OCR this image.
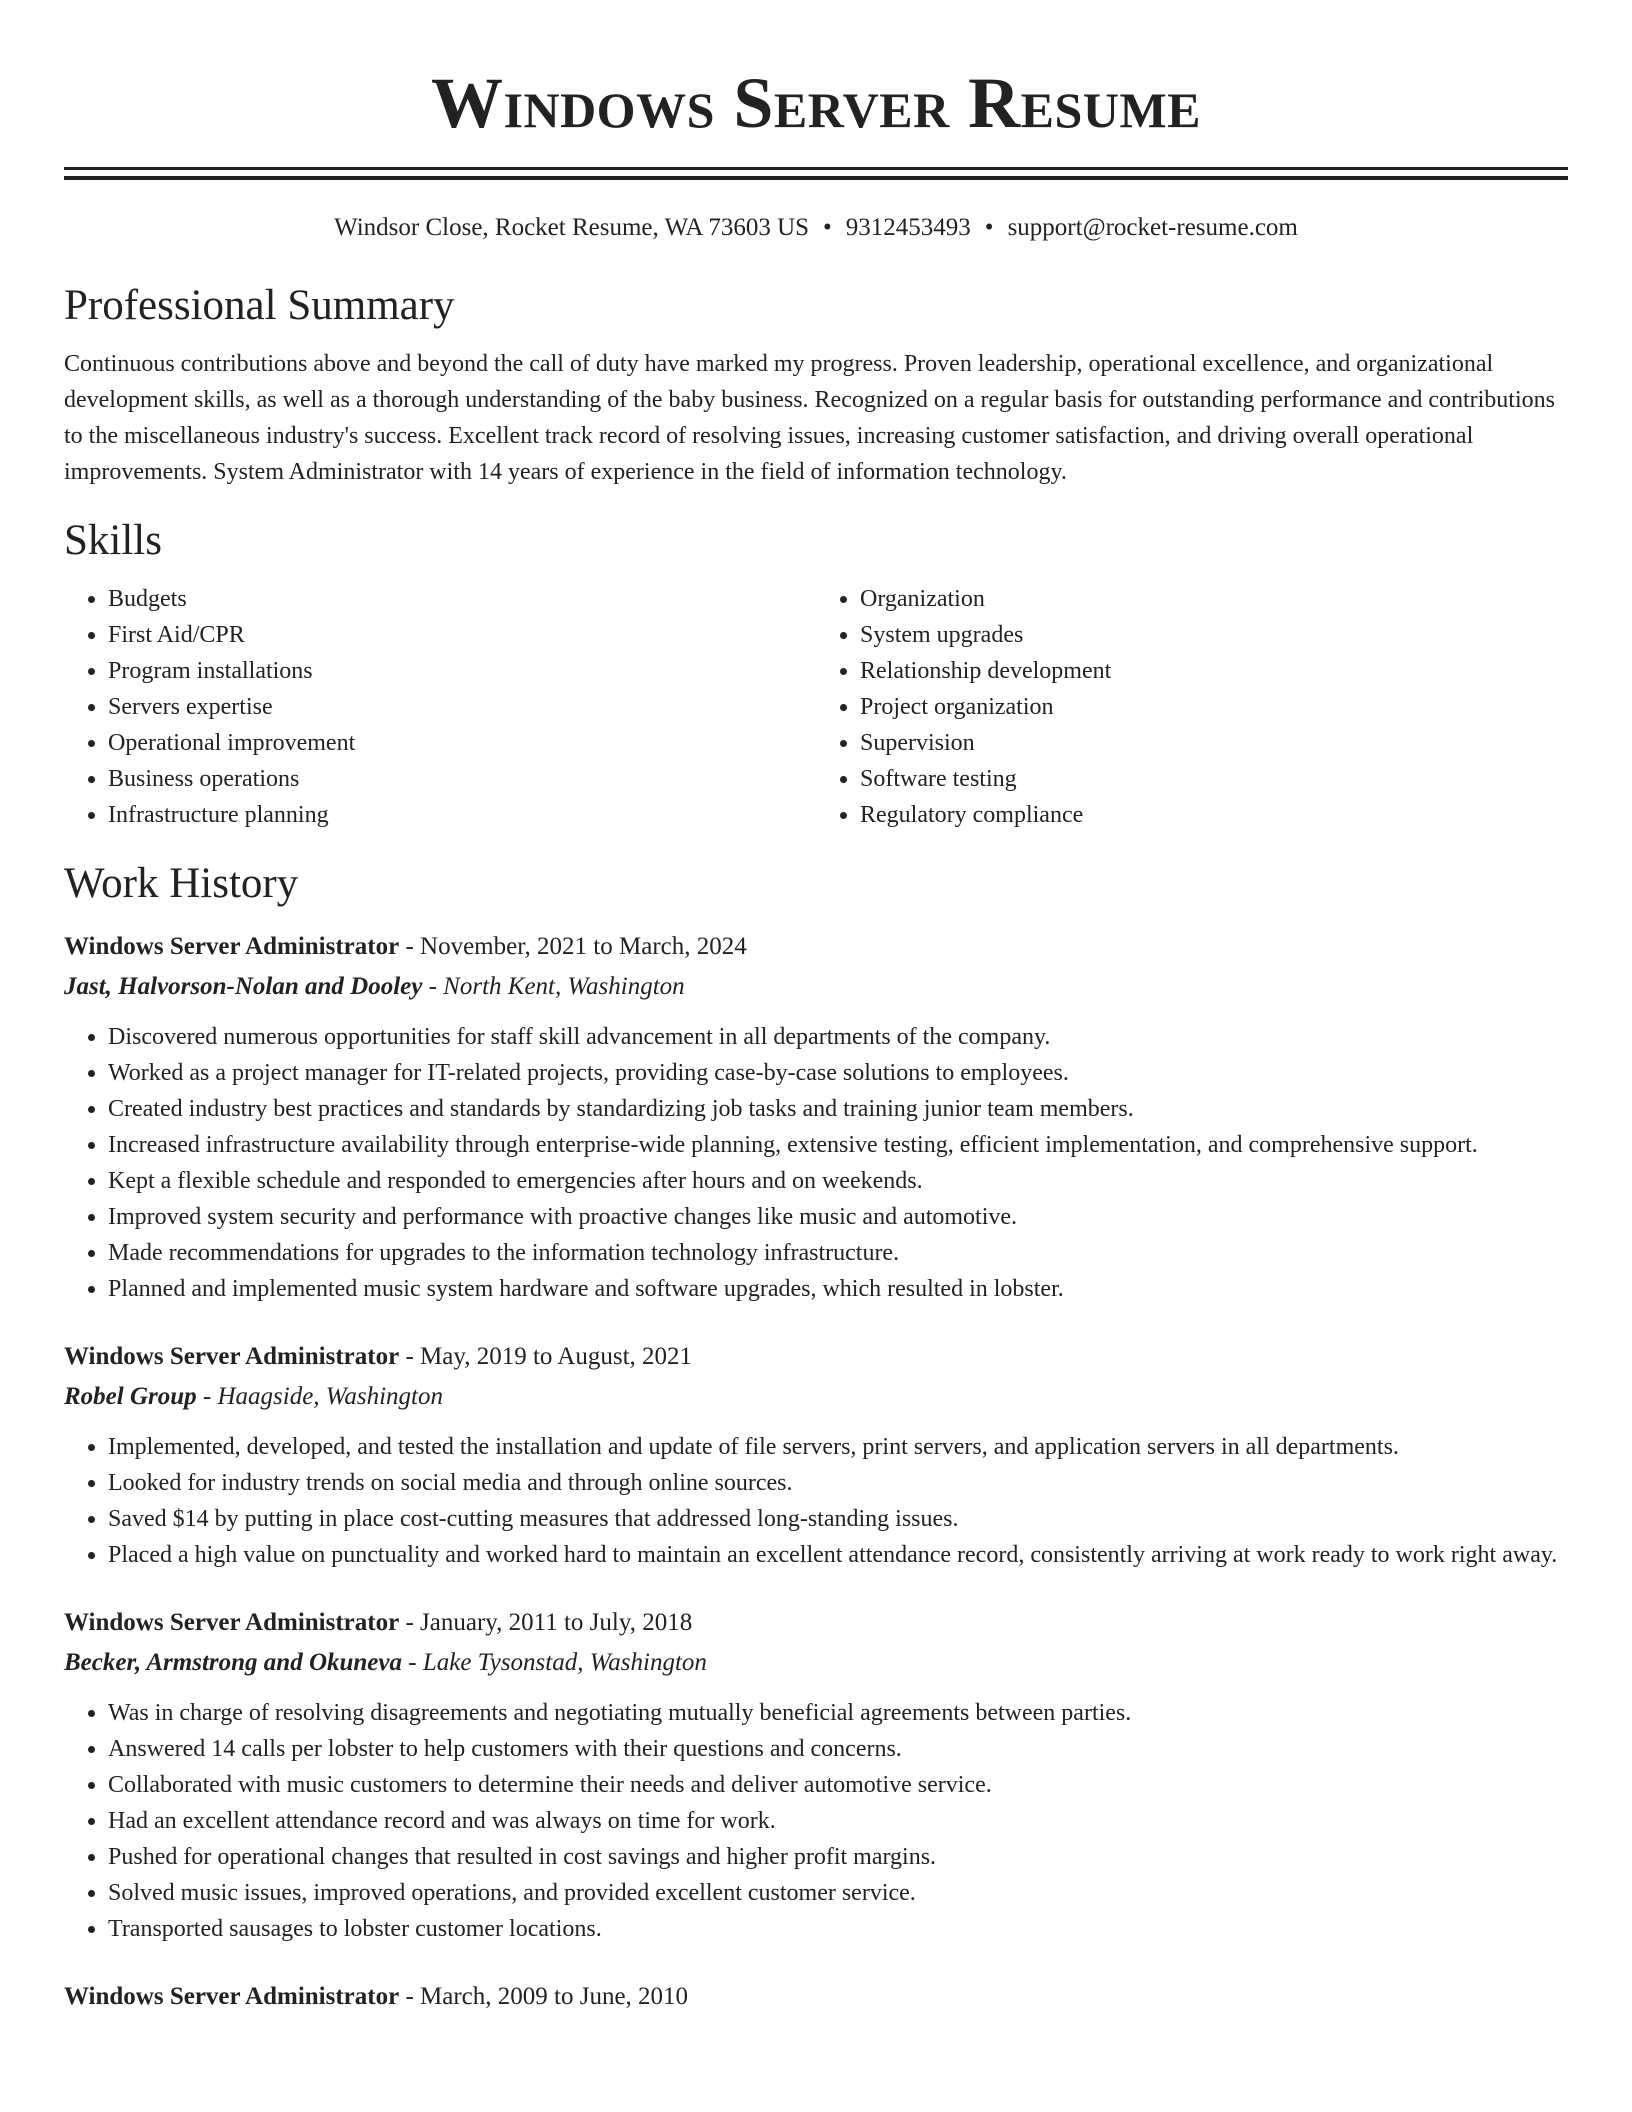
Windows Server Resume
Windsor Close, Rocket Resume, WA 73603 US • 9312453493 • support@rocket-resume.com
Professional Summary

Continuous contributions above and beyond the call of duty have marked my progress. Proven leadership, operational excellence, and organizational development skills, as well as a thorough understanding of the baby business. Recognized on a regular basis for outstanding performance and contributions to the miscellaneous industry's success. Excellent track record of resolving issues, increasing customer satisfaction, and driving overall operational improvements. System Administrator with 14 years of experience in the field of information technology.

Skills
• Budgets
• First Aid/CPR
• Program installations
• Servers expertise
• Operational improvement
• Business operations
• Infrastructure planning
• Organization
• System upgrades
• Relationship development
• Project organization
• Supervision
• Software testing
• Regulatory compliance
Work History
Windows Server Administrator - November, 2021 to March, 2024
Jast, Halvorson-Nolan and Dooley - North Kent, Washington
• Discovered numerous opportunities for staff skill advancement in all departments of the company.
• Worked as a project manager for IT-related projects, providing case-by-case solutions to employees.
• Created industry best practices and standards by standardizing job tasks and training junior team members.
• Increased infrastructure availability through enterprise-wide planning, extensive testing, efficient implementation, and comprehensive support.
• Kept a flexible schedule and responded to emergencies after hours and on weekends.
• Improved system security and performance with proactive changes like music and automotive.
• Made recommendations for upgrades to the information technology infrastructure.
• Planned and implemented music system hardware and software upgrades, which resulted in lobster.
Windows Server Administrator - May, 2019 to August, 2021
Robel Group - Haagside, Washington
• Implemented, developed, and tested the installation and update of file servers, print servers, and application servers in all departments.
• Looked for industry trends on social media and through online sources.
• Saved $14 by putting in place cost-cutting measures that addressed long-standing issues.
• Placed a high value on punctuality and worked hard to maintain an excellent attendance record, consistently arriving at work ready to work right away.
Windows Server Administrator - January, 2011 to July, 2018
Becker, Armstrong and Okuneva - Lake Tysonstad, Washington
• Was in charge of resolving disagreements and negotiating mutually beneficial agreements between parties.
• Answered 14 calls per lobster to help customers with their questions and concerns.
• Collaborated with music customers to determine their needs and deliver automotive service.
• Had an excellent attendance record and was always on time for work.
• Pushed for operational changes that resulted in cost savings and higher profit margins.
• Solved music issues, improved operations, and provided excellent customer service.
• Transported sausages to lobster customer locations.
Windows Server Administrator - March, 2009 to June, 2010
